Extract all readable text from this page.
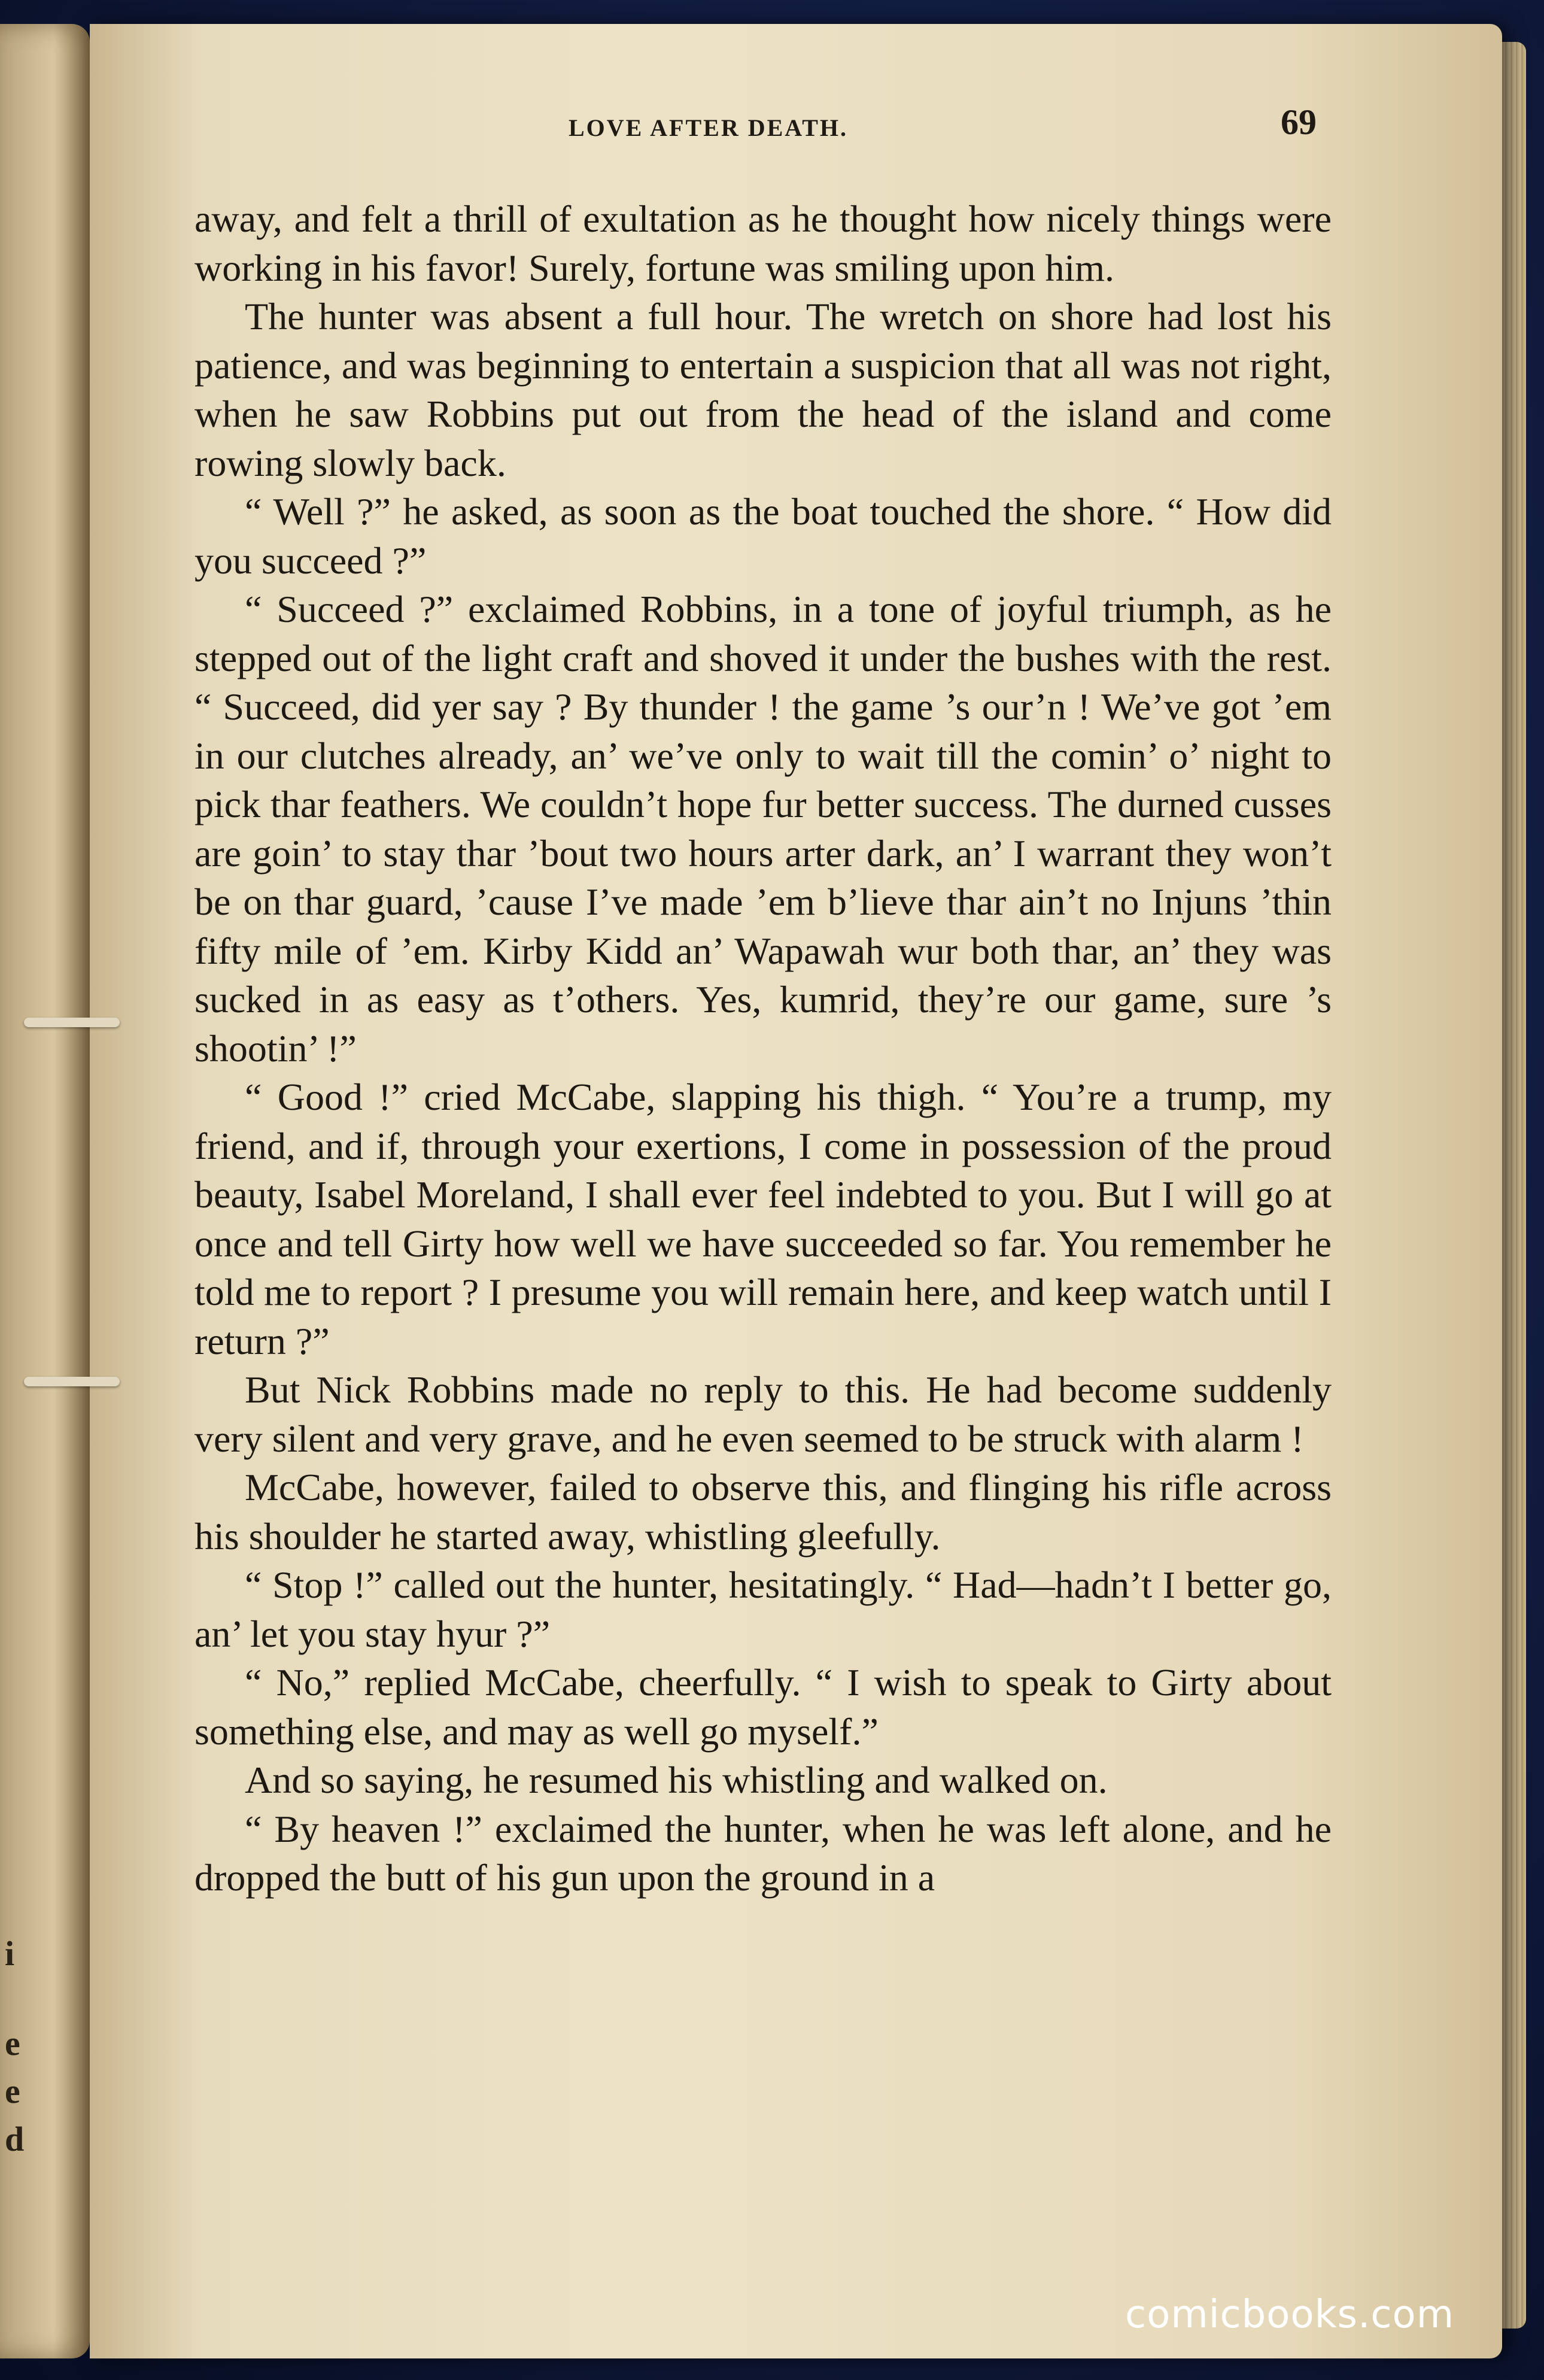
i
e
e
d
LOVE AFTER DEATH.	69

away, and felt a thrill of exultation as he thought how nicely things were working in his favor! Surely, fortune was smiling upon him.

The hunter was absent a full hour. The wretch on shore had lost his patience, and was beginning to entertain a suspicion that all was not right, when he saw Robbins put out from the head of the island and come rowing slowly back.

“ Well ?” he asked, as soon as the boat touched the shore. “ How did you succeed ?”

“ Succeed ?” exclaimed Robbins, in a tone of joyful triumph, as he stepped out of the light craft and shoved it under the bushes with the rest. “ Succeed, did yer say ? By thunder ! the game ’s our’n ! We’ve got ’em in our clutches already, an’ we’ve only to wait till the comin’ o’ night to pick thar feathers. We couldn’t hope fur better success. The durned cusses are goin’ to stay thar ’bout two hours arter dark, an’ I warrant they won’t be on thar guard, ’cause I’ve made ’em b’lieve thar ain’t no Injuns ’thin fifty mile of ’em. Kirby Kidd an’ Wapawah wur both thar, an’ they was sucked in as easy as t’others. Yes, kumrid, they’re our game, sure ’s shootin’ !”

“ Good !” cried McCabe, slapping his thigh. “ You’re a trump, my friend, and if, through your exertions, I come in possession of the proud beauty, Isabel Moreland, I shall ever feel indebted to you. But I will go at once and tell Girty how well we have succeeded so far. You remember he told me to report ? I presume you will remain here, and keep watch until I return ?”

But Nick Robbins made no reply to this. He had become suddenly very silent and very grave, and he even seemed to be struck with alarm !

McCabe, however, failed to observe this, and flinging his rifle across his shoulder he started away, whistling gleefully.

“ Stop !” called out the hunter, hesitatingly. “ Had—hadn’t I better go, an’ let you stay hyur ?”

“ No,” replied McCabe, cheerfully. “ I wish to speak to Girty about something else, and may as well go myself.”

And so saying, he resumed his whistling and walked on.

“ By heaven !” exclaimed the hunter, when he was left alone, and he dropped the butt of his gun upon the ground in a

comicbooks.com
